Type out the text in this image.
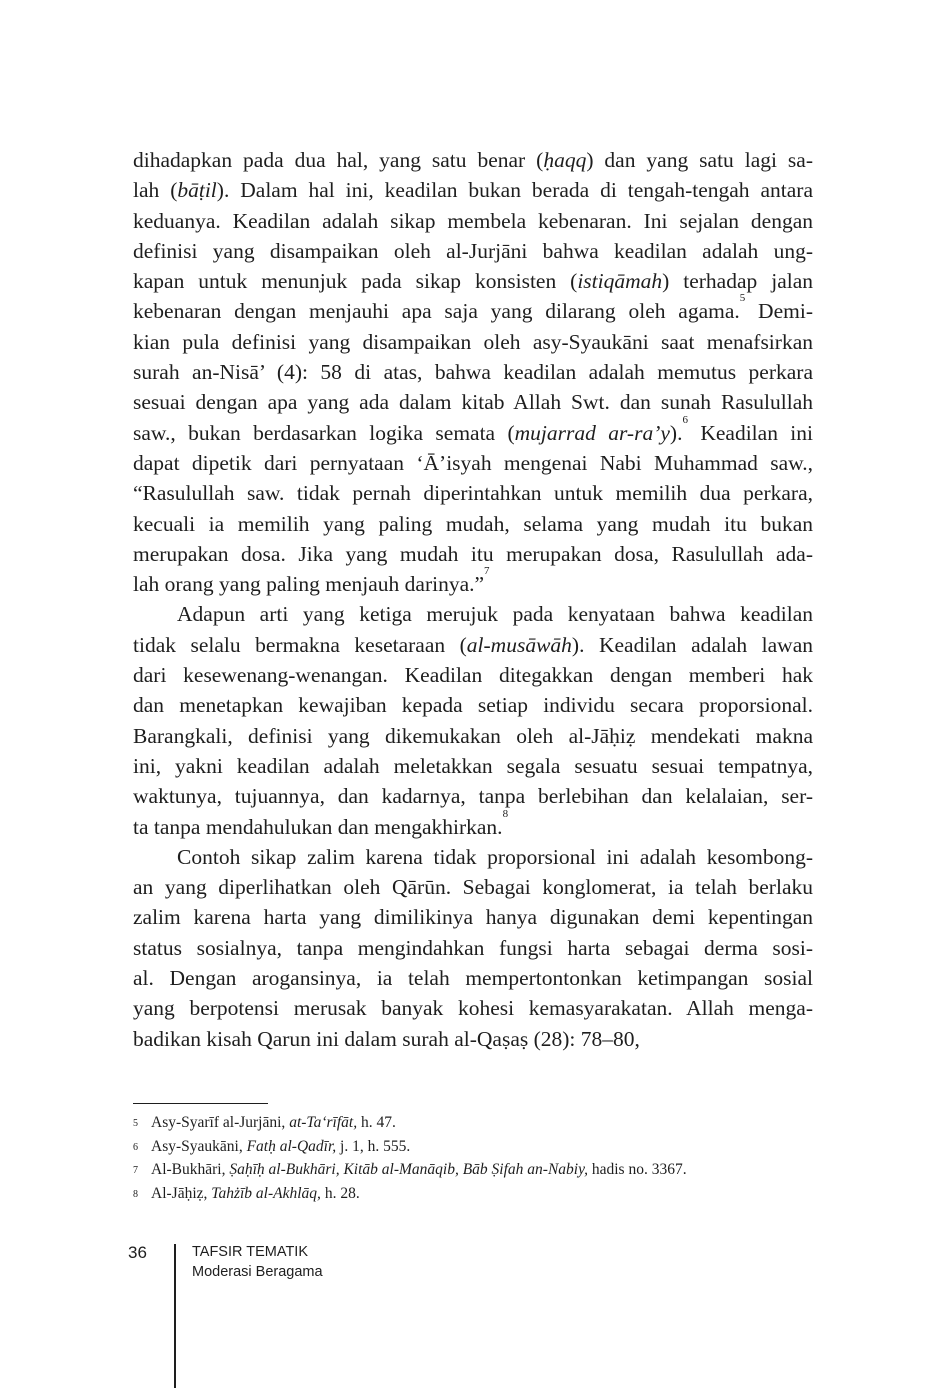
dihadapkan pada dua hal, yang satu benar (ḥaqq) dan yang satu lagi sa-
lah (bāṭil). Dalam hal ini, keadilan bukan berada di tengah-tengah antara
keduanya. Keadilan adalah sikap membela kebenaran. Ini sejalan dengan
definisi yang disampaikan oleh al-Jurjāni bahwa keadilan adalah ung-
kapan untuk menunjuk pada sikap konsisten (istiqāmah) terhadap jalan
kebenaran dengan menjauhi apa saja yang dilarang oleh agama.$^5$ Demi-
kian pula definisi yang disampaikan oleh asy-Syaukāni saat menafsirkan
surah an-Nisā’ (4): 58 di atas, bahwa keadilan adalah memutus perkara
sesuai dengan apa yang ada dalam kitab Allah Swt. dan sunah Rasulullah
saw., bukan berdasarkan logika semata (mujarrad ar-ra’y).$^6$ Keadilan ini
dapat dipetik dari pernyataan ‘Ā’isyah mengenai Nabi Muhammad saw.,
“Rasulullah saw. tidak pernah diperintahkan untuk memilih dua perkara,
kecuali ia memilih yang paling mudah, selama yang mudah itu bukan
merupakan dosa. Jika yang mudah itu merupakan dosa, Rasulullah ada-
lah orang yang paling menjauh darinya.”$^7$
Adapun arti yang ketiga merujuk pada kenyataan bahwa keadilan
tidak selalu bermakna kesetaraan (al-musāwāh). Keadilan adalah lawan
dari kesewenang-wenangan. Keadilan ditegakkan dengan memberi hak
dan menetapkan kewajiban kepada setiap individu secara proporsional.
Barangkali, definisi yang dikemukakan oleh al-Jāḥiẓ mendekati makna
ini, yakni keadilan adalah meletakkan segala sesuatu sesuai tempatnya,
waktunya, tujuannya, dan kadarnya, tanpa berlebihan dan kelalaian, ser-
ta tanpa mendahulukan dan mengakhirkan.$^8$
Contoh sikap zalim karena tidak proporsional ini adalah kesombong-
an yang diperlihatkan oleh Qārūn. Sebagai konglomerat, ia telah berlaku
zalim karena harta yang dimilikinya hanya digunakan demi kepentingan
status sosialnya, tanpa mengindahkan fungsi harta sebagai derma sosi-
al. Dengan arogansinya, ia telah mempertontonkan ketimpangan sosial
yang berpotensi merusak banyak kohesi kemasyarakatan. Allah menga-
badikan kisah Qarun ini dalam surah al-Qaṣaṣ (28): 78–80,
5 Asy-Syarīf al-Jurjāni, at-Ta‘rīfāt, h. 47.
6 Asy-Syaukāni, Fatḥ al-Qadīr, j. 1, h. 555.
7 Al-Bukhāri, Ṣaḥīḥ al-Bukhāri, Kitāb al-Manāqib, Bāb Ṣifah an-Nabiy, hadis no. 3367.
8 Al-Jāḥiẓ, Tahżīb al-Akhlāq, h. 28.
36	TAFSIR TEMATIK
Moderasi Beragama
